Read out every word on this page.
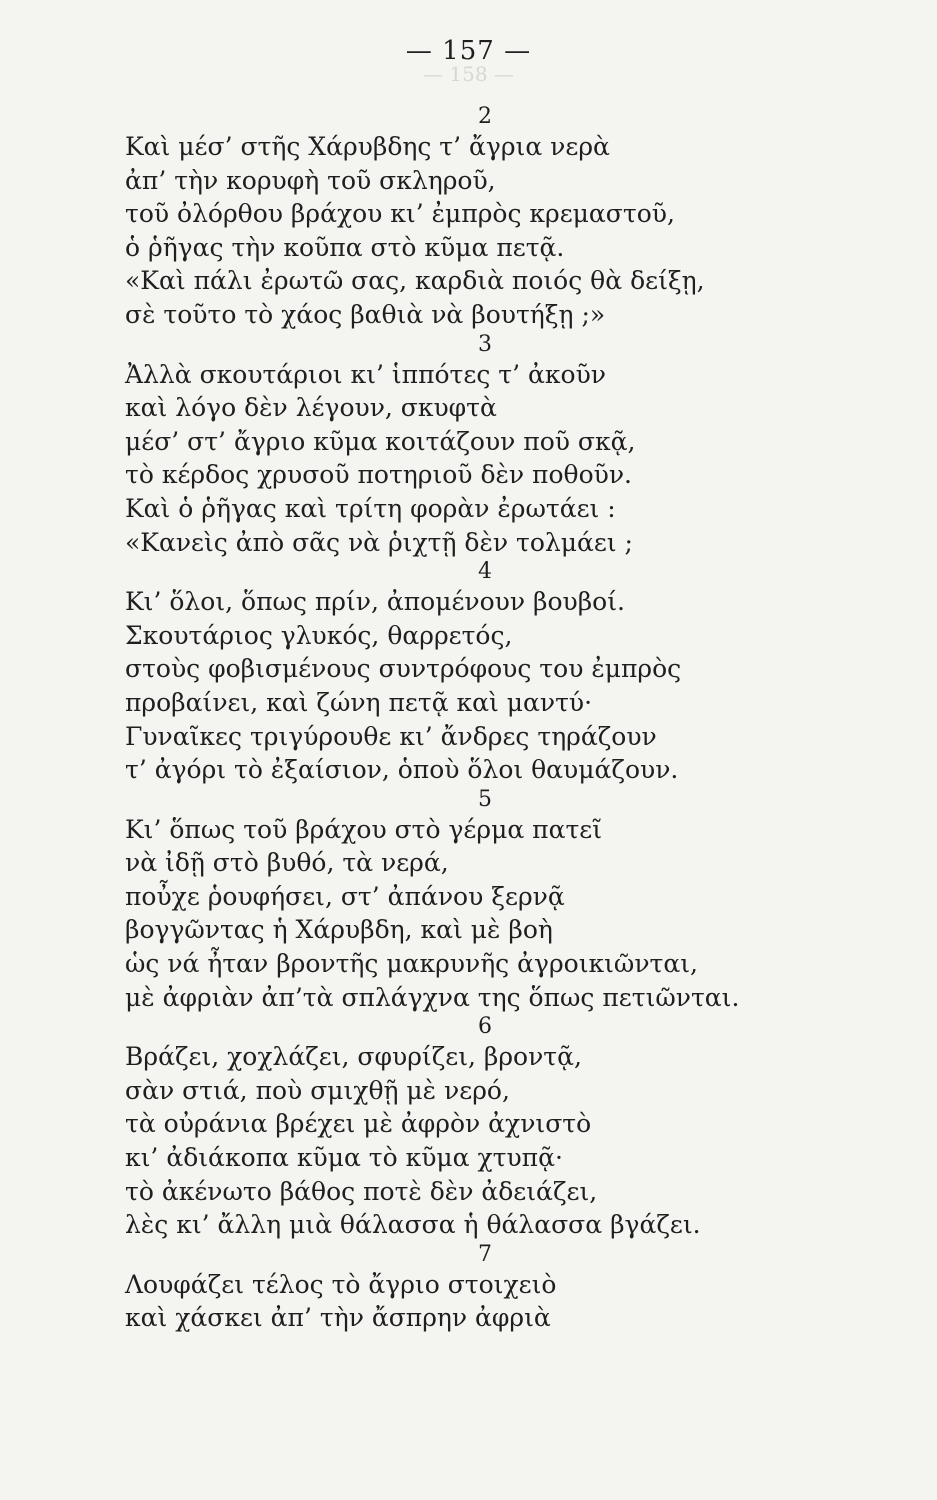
— 158 —
— 157 —
2
Καὶ μέσ’ στῆς Χάρυβδης τ’ ἄγρια νερὰ
ἀπ’ τὴν κορυφὴ τοῦ σκληροῦ,
τοῦ ὀλόρθου βράχου κι’ ἐμπρὸς κρεμαστοῦ,
ὁ ῥῆγας τὴν κοῦπα στὸ κῦμα πετᾷ.
«Καὶ πάλι ἐρωτῶ σας, καρδιὰ ποιός θὰ δείξῃ,
σὲ τοῦτο τὸ χάος βαθιὰ νὰ βουτήξῃ ;»
3
Ἀλλὰ σκουτάριοι κι’ ἱππότες τ’ ἀκοῦν
καὶ λόγο δὲν λέγουν, σκυφτὰ
μέσ’ στ’ ἄγριο κῦμα κοιτάζουν ποῦ σκᾷ,
τὸ κέρδος χρυσοῦ ποτηριοῦ δὲν ποθοῦν.
Καὶ ὁ ῥῆγας καὶ τρίτη φορὰν ἐρωτάει :
«Κανεὶς ἀπὸ σᾶς νὰ ῥιχτῇ δὲν τολμάει ;
4
Κι’ ὅλοι, ὅπως πρίν, ἀπομένουν βουβοί.
Σκουτάριος γλυκός, θαρρετός,
στοὺς φοβισμένους συντρόφους του ἐμπρὸς
προβαίνει, καὶ ζώνη πετᾷ καὶ μαντύ·
Γυναῖκες τριγύρουθε κι’ ἄνδρες τηράζουν
τ’ ἀγόρι τὸ ἐξαίσιον, ὁποὺ ὅλοι θαυμάζουν.
5
Κι’ ὅπως τοῦ βράχου στὸ γέρμα πατεῖ
νὰ ἰδῇ στὸ βυθό, τὰ νερά,
ποὖχε ῥουφήσει, στ’ ἀπάνου ξερνᾷ
βογγῶντας ἡ Χάρυβδη, καὶ μὲ βοὴ
ὡς νά ἦταν βροντῆς μακρυνῆς ἀγροικιῶνται,
μὲ ἀφριὰν ἀπ’τὰ σπλάγχνα της ὅπως πετιῶνται.
6
Βράζει, χοχλάζει, σφυρίζει, βροντᾷ,
σὰν στιά, ποὺ σμιχθῇ μὲ νερό,
τὰ οὐράνια βρέχει μὲ ἀφρὸν ἀχνιστὸ
κι’ ἀδιάκοπα κῦμα τὸ κῦμα χτυπᾷ·
τὸ ἀκένωτο βάθος ποτὲ δὲν ἀδειάζει,
λὲς κι’ ἄλλη μιὰ θάλασσα ἡ θάλασσα βγάζει.
7
Λουφάζει τέλος τὸ ἄγριο στοιχειὸ
καὶ χάσκει ἀπ’ τὴν ἄσπρην ἀφριὰ
